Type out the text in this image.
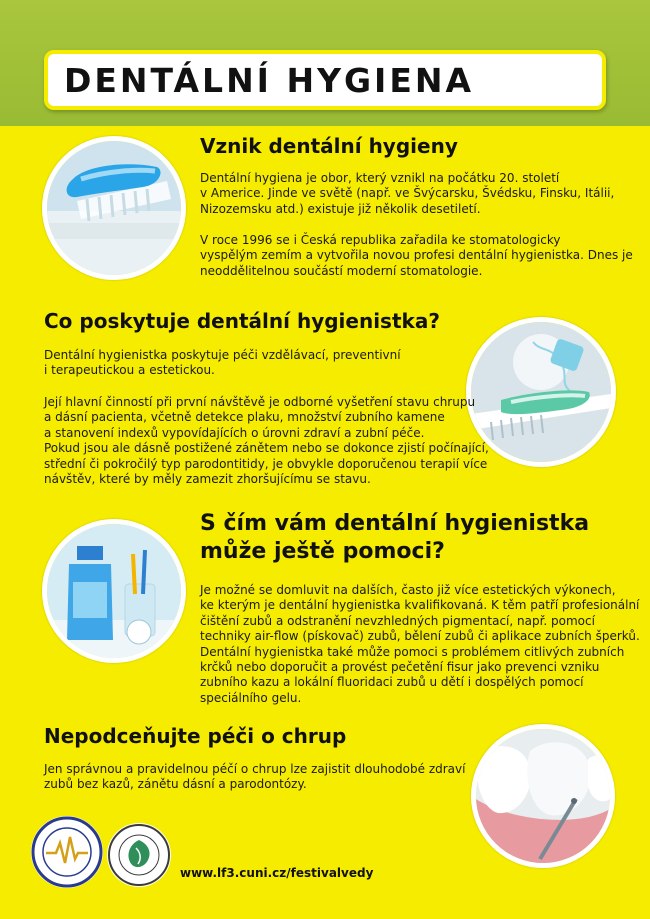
DENTÁLNÍ HYGIENA
Vznik dentální hygieny

Dentální hygiena je obor, který vznikl na počátku 20. století
v Americe. Jinde ve světě (např. ve Švýcarsku, Švédsku, Finsku, Itálii,
Nizozemsku atd.) existuje již několik desetiletí.

V roce 1996 se i Česká republika zařadila ke stomatologicky
vyspělým zemím a vytvořila novou profesi dentální hygienistka. Dnes je
neoddělitelnou součástí moderní stomatologie.

Co poskytuje dentální hygienistka?

Dentální hygienistka poskytuje péči vzdělávací, preventivní
i terapeutickou a estetickou.

Její hlavní činností při první návštěvě je odborné vyšetření stavu chrupu
a dásní pacienta, včetně detekce plaku, množství zubního kamene
a stanovení indexů vypovídajících o úrovni zdraví a zubní péče.
Pokud jsou ale dásně postižené zánětem nebo se dokonce zjistí počínající,
střední či pokročilý typ parodontitidy, je obvykle doporučenou terapií více
návštěv, které by měly zamezit zhoršujícímu se stavu.

S čím vám dentální hygienistka
může ještě pomoci?

Je možné se domluvit na dalších, často již více estetických výkonech,
ke kterým je dentální hygienistka kvalifikovaná. K těm patří profesionální
čištění zubů a odstranění nevzhledných pigmentací, např. pomocí
techniky air-flow (pískovač) zubů, bělení zubů či aplikace zubních šperků.
Dentální hygienistka také může pomoci s problémem citlivých zubních
krčků nebo doporučit a provést pečetění fisur jako prevenci vzniku
zubního kazu a lokální fluoridaci zubů u dětí i dospělých pomocí
speciálního gelu.

Nepodceňujte péči o chrup

Jen správnou a pravidelnou péčí o chrup lze zajistit dlouhodobé zdraví
zubů bez kazů, zánětu dásní a parodontózy.

www.lf3.cuni.cz/festivalvedy
